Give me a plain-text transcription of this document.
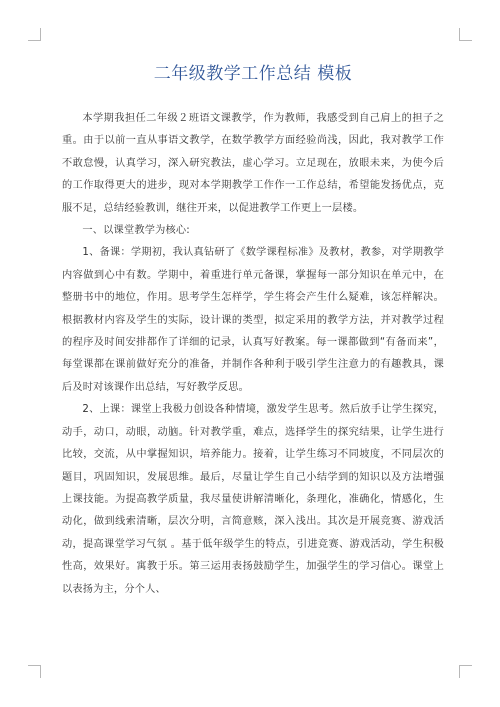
二年级教学工作总结 模板

本学期我担任二年级２班语文课教学，作为教师，我感受到自己肩上的担子之重。由于以前一直从事语文教学，在数学教学方面经验尚浅，因此，我对教学工作不敢怠慢，认真学习，深入研究教法，虚心学习。立足现在，放眼未来，为使今后的工作取得更大的进步，现对本学期教学工作作一工作总结，希望能发扬优点，克服不足，总结经验教训，继往开来，以促进教学工作更上一层楼。

一、以课堂教学为核心:

1、备课：学期初，我认真钻研了《数学课程标准》及教材，教参，对学期教学内容做到心中有数。学期中，着重进行单元备课，掌握每一部分知识在单元中，在整册书中的地位，作用。思考学生怎样学，学生将会产生什么疑难，该怎样解决。根据教材内容及学生的实际，设计课的类型，拟定采用的教学方法，并对教学过程的程序及时间安排都作了详细的记录，认真写好教案。每一课都做到“有备而来”，每堂课都在课前做好充分的准备，并制作各种利于吸引学生注意力的有趣教具，课后及时对该课作出总结，写好教学反思。

2、上课：课堂上我极力创设各种情境，激发学生思考。然后放手让学生探究，动手，动口，动眼，动脑。针对教学重，难点，选择学生的探究结果，让学生进行比较，交流，从中掌握知识，培养能力。接着，让学生练习不同坡度，不同层次的题目，巩固知识，发展思维。最后，尽量让学生自己小结学到的知识以及方法增强上课技能。为提高教学质量，我尽量使讲解清晰化，条理化，准确化，情感化，生动化，做到线索清晰，层次分明，言简意赅，深入浅出。其次是开展竞赛、游戏活动，提高课堂学习气氛 。基于低年级学生的特点，引进竞赛、游戏活动，学生积极性高，效果好。寓教于乐。第三运用表扬鼓励学生，加强学生的学习信心。课堂上以表扬为主，分个人、
